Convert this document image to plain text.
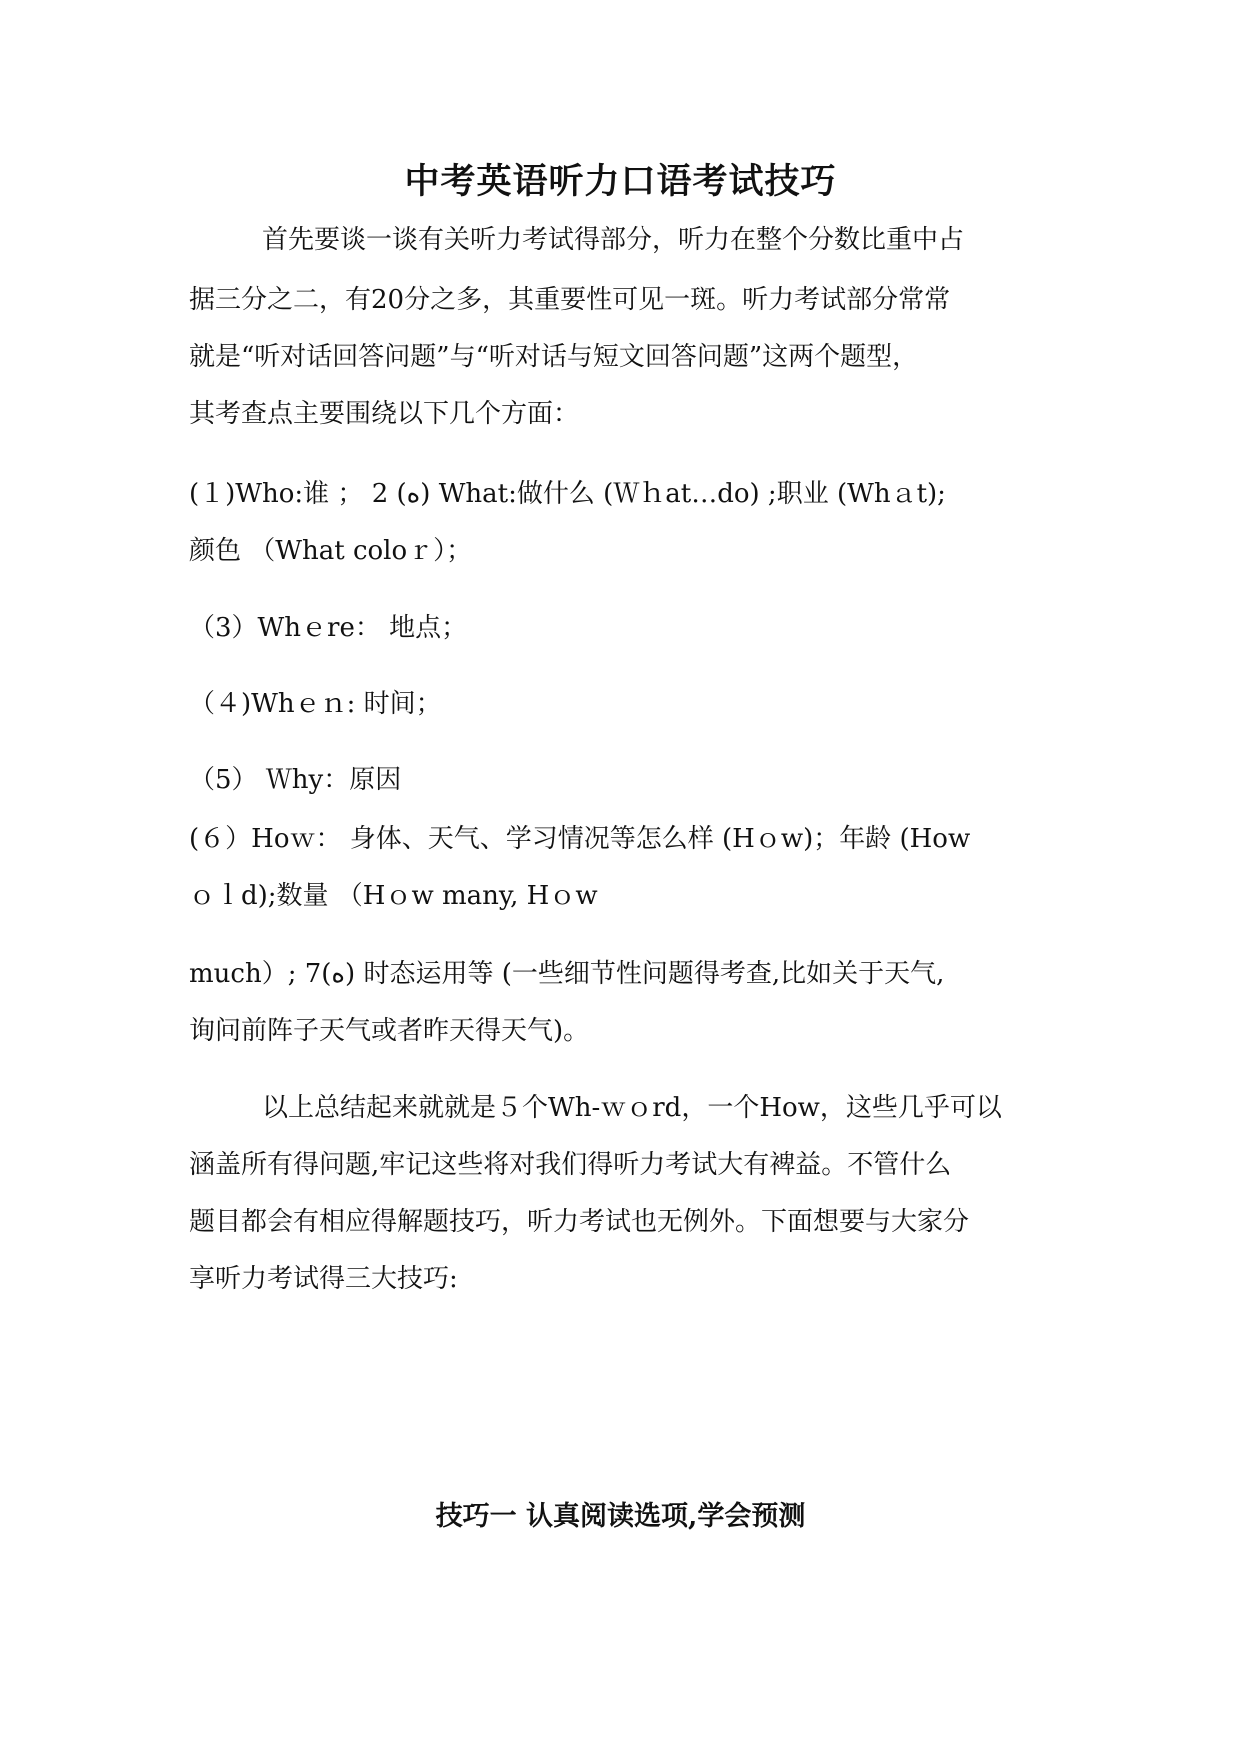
中考英语听力口语考试技巧

首先要谈一谈有关听力考试得部分，听力在整个分数比重中占

据三分之二，有20分之多，其重要性可见一斑。听力考试部分常常

就是“听对话回答问题”与“听对话与短文回答问题”这两个题型，

其考查点主要围绕以下几个方面：

(１)Who:谁 ； 2 (ﻩ) What:做什么 (Ｗｈat…do) ;职业 (Whａt);

颜色 （What coloｒ）；

（3）Whｅre： 地点；

（４)Whｅｎ: 时间；

（5） Ｗhy：原因

(６）Hoｗ： 身体、天气、学习情况等怎么样 (Hｏw)；年龄 (How

ｏｌd);数量 （Hｏw many, Hｏw

much）; 7(ﻩ) 时态运用等 (一些细节性问题得考查,比如关于天气,

询问前阵子天气或者昨天得天气)。

以上总结起来就就是５个Wh-ｗｏrd，一个How，这些几乎可以

涵盖所有得问题,牢记这些将对我们得听力考试大有裨益。不管什么

题目都会有相应得解题技巧，听力考试也无例外。下面想要与大家分

享听力考试得三大技巧:

技巧一 认真阅读选项,学会预测
